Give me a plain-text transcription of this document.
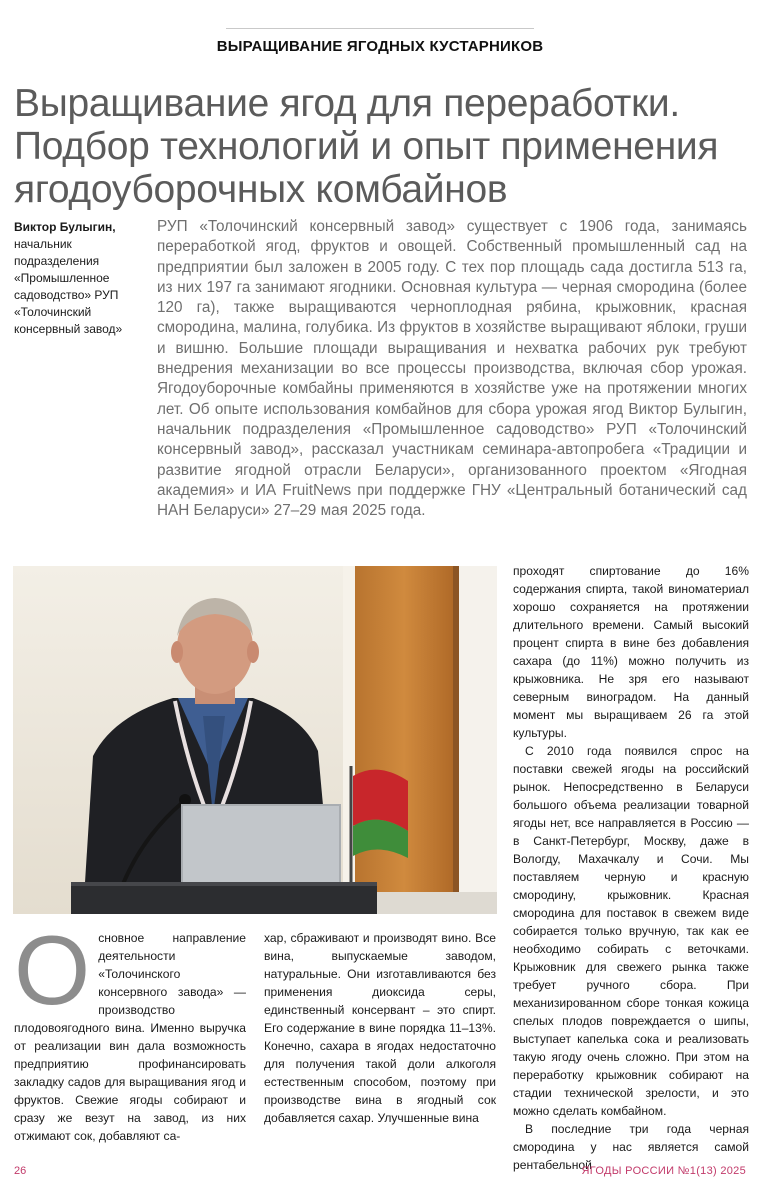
ВЫРАЩИВАНИЕ ЯГОДНЫХ КУСТАРНИКОВ
Выращивание ягод для переработки. Подбор технологий и опыт применения ягодоуборочных комбайнов
Виктор Булыгин, начальник подразделения «Промышленное садоводство» РУП «Толочинский консервный завод»
РУП «Толочинский консервный завод» существует с 1906 года, занимаясь переработкой ягод, фруктов и овощей. Собственный промышленный сад на предприятии был заложен в 2005 году. С тех пор площадь сада достигла 513 га, из них 197 га занимают ягодники. Основная культура — черная смородина (более 120 га), также выращиваются черноплодная рябина, крыжовник, красная смородина, малина, голубика. Из фруктов в хозяйстве выращивают яблоки, груши и вишню. Большие площади выращивания и нехватка рабочих рук требуют внедрения механизации во все процессы производства, включая сбор урожая. Ягодоуборочные комбайны применяются в хозяйстве уже на протяжении многих лет. Об опыте использования комбайнов для сбора урожая ягод Виктор Булыгин, начальник подразделения «Промышленное садоводство» РУП «Толочинский консервный завод», рассказал участникам семинара-автопробега «Традиции и развитие ягодной отрасли Беларуси», организованного проектом «Ягодная академия» и ИА FruitNews при поддержке ГНУ «Центральный ботанический сад НАН Беларуси» 27–29 мая 2025 года.
О сновное направление деятельности «Толочинского консервного завода» — производство плодовоягодного вина. Именно выручка от реализации вин дала возможность предприятию профинансировать закладку садов для выращивания ягод и фруктов. Свежие ягоды собирают и сразу же везут на завод, из них отжимают сок, добавляют са-
хар, сбраживают и производят вино. Все вина, выпускаемые заводом, натуральные. Они изготавливаются без применения диоксида серы, единственный консервант – это спирт. Его содержание в вине порядка 11–13%. Конечно, сахара в ягодах недостаточно для получения такой доли алкоголя естественным способом, поэтому при производстве вина в ягодный сок добавляется сахар. Улучшенные вина

проходят спиртование до 16% содержания спирта, такой виноматериал хорошо сохраняется на протяжении длительного времени. Самый высокий процент спирта в вине без добавления сахара (до 11%) можно получить из крыжовника. Не зря его называют северным виноградом. На данный момент мы выращиваем 26 га этой культуры.

С 2010 года появился спрос на поставки свежей ягоды на российский рынок. Непосредственно в Беларуси большого объема реализации товарной ягоды нет, все направляется в Россию — в Санкт-Петербург, Москву, даже в Вологду, Махачкалу и Сочи. Мы поставляем черную и красную смородину, крыжовник. Красная смородина для поставок в свежем виде собирается только вручную, так как ее необходимо собирать с веточками. Крыжовник для свежего рынка также требует ручного сбора. При механизированном сборе тонкая кожица спелых плодов повреждается о шипы, выступает капелька сока и реализовать такую ягоду очень сложно. При этом на переработку крыжовник собирают на стадии технической зрелости, и это можно сделать комбайном.

В последние три года черная смородина у нас является самой рентабельной

26	ЯГОДЫ РОССИИ №1(13) 2025
